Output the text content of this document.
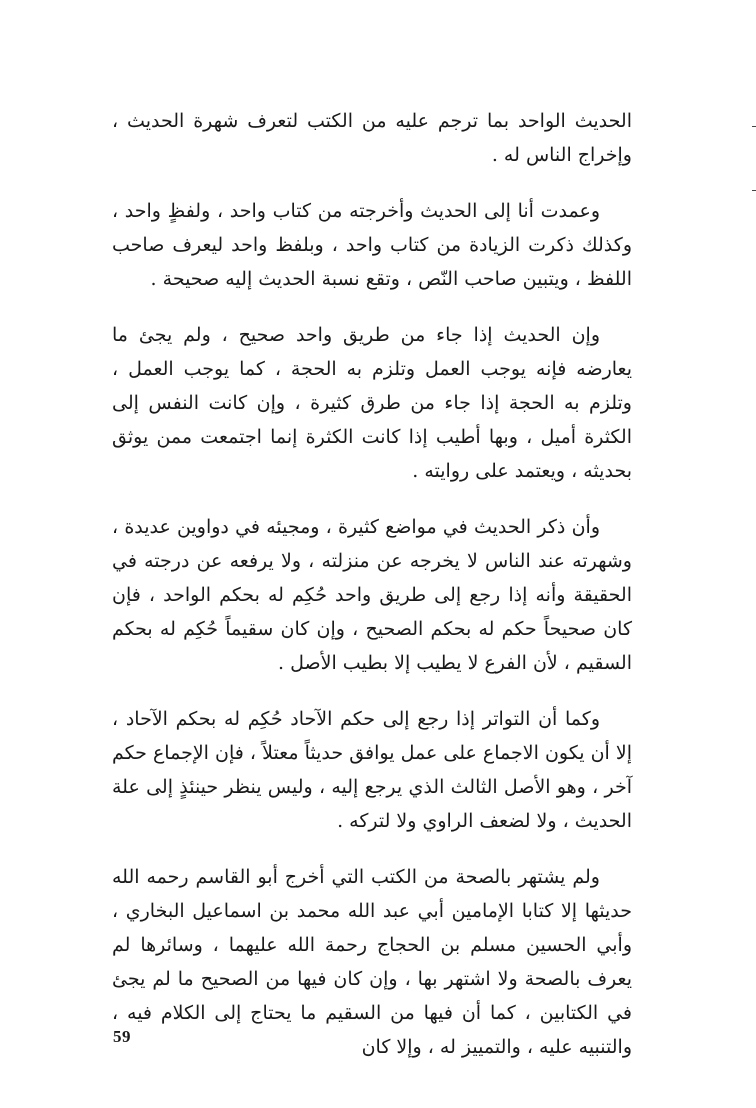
الحديث الواحد بما ترجم عليه من الكتب لتعرف شهرة الحديث ، وإخراج الناس له .

وعمدت أنا إلى الحديث وأخرجته من كتاب واحد ، ولفظٍ واحد ، وكذلك ذكرت الزيادة من كتاب واحد ، وبلفظ واحد ليعرف صاحب اللفظ ، ويتبين صاحب النّص ، وتقع نسبة الحديث إليه صحيحة .

وإن الحديث إذا جاء من طريق واحد صحيح ، ولم يجئ ما يعارضه فإنه يوجب العمل وتلزم به الحجة ، كما يوجب العمل ، وتلزم به الحجة إذا جاء من طرق كثيرة ، وإن كانت النفس إلى الكثرة أميل ، وبها أطيب إذا كانت الكثرة إنما اجتمعت ممن يوثق بحديثه ، ويعتمد على روايته .

وأن ذكر الحديث في مواضع كثيرة ، ومجيئه في دواوين عديدة ، وشهرته عند الناس لا يخرجه عن منزلته ، ولا يرفعه عن درجته في الحقيقة وأنه إذا رجع إلى طريق واحد حُكِم له بحكم الواحد ، فإن كان صحيحاً حكم له بحكم الصحيح ، وإن كان سقيماً حُكِم له بحكم السقيم ، لأن الفرع لا يطيب إلا بطيب الأصل .

وكما أن التواتر إذا رجع إلى حكم الآحاد حُكِم له بحكم الآحاد ، إلا أن يكون الاجماع على عمل يوافق حديثاً معتلاً ، فإن الإجماع حكم آخر ، وهو الأصل الثالث الذي يرجع إليه ، وليس ينظر حينئذٍ إلى علة الحديث ، ولا لضعف الراوي ولا لتركه .

ولم يشتهر بالصحة من الكتب التي أخرج أبو القاسم رحمه الله حديثها إلا كتابا الإمامين أبي عبد الله محمد بن اسماعيل البخاري ، وأبي الحسين مسلم بن الحجاج رحمة الله عليهما ، وسائرها لم يعرف بالصحة ولا اشتهر بها ، وإن كان فيها من الصحيح ما لم يجئ في الكتابين ، كما أن فيها من السقيم ما يحتاج إلى الكلام فيه ، والتنبيه عليه ، والتمييز له ، وإلا كان

59
